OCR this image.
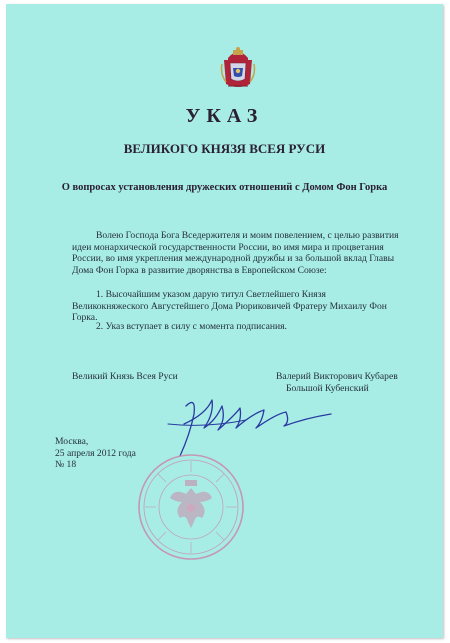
УКАЗ
ВЕЛИКОГО КНЯЗЯ ВСЕЯ РУСИ
О вопросах установления дружеских отношений с Домом Фон Горка
Волею Господа Бога Вседержителя и моим повелением, с целью развития идеи монархической государственности России, во имя мира и процветания России, во имя укрепления международной дружбы и за большой вклад Главы Дома Фон Горка в развитие дворянства в Европейском Союзе:
1. Высочайшим указом дарую титул Светлейшего Князя Великокняжеского Августейшего Дома Рюриковичей Фратеру Михаилу Фон Горка.
2. Указ вступает в силу с момента подписания.
Великий Князь Всея Руси	Валерий Викторович Кубарев
Большой Кубенский
Москва,
25 апреля 2012 года
№ 18
